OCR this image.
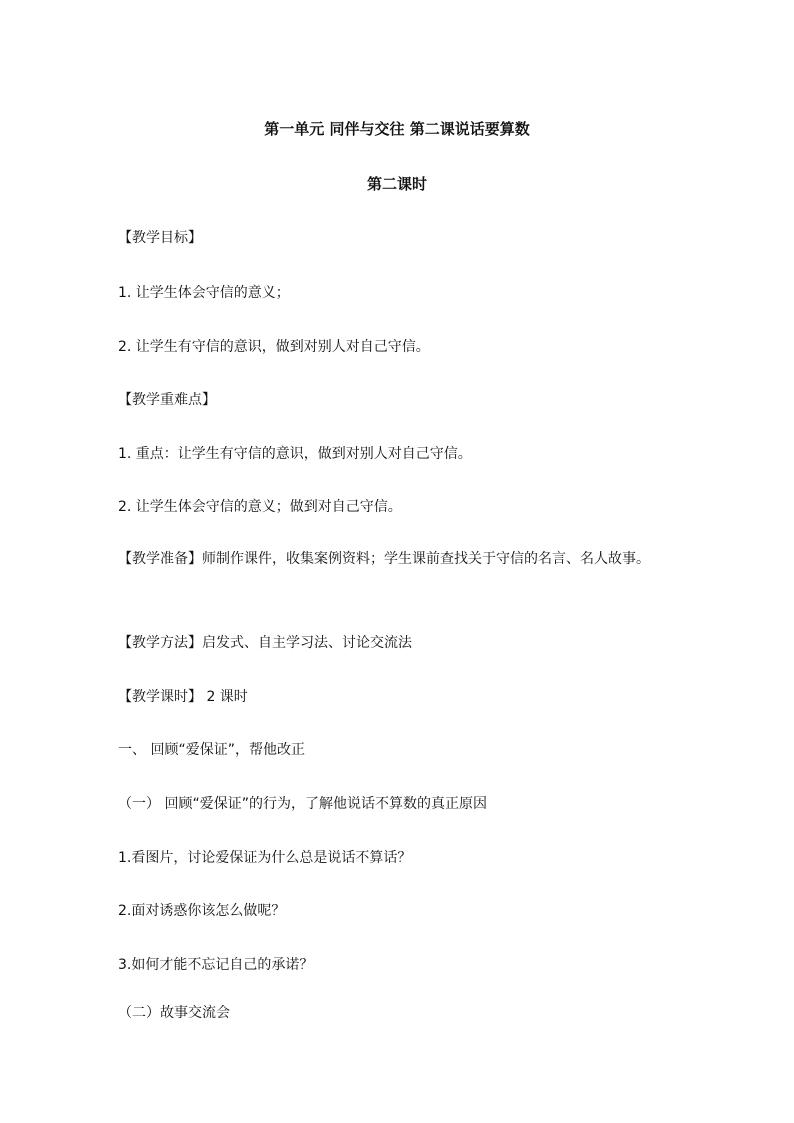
第一单元 同伴与交往 第二课说话要算数
第二课时
【教学目标】
1. 让学生体会守信的意义；
2. 让学生有守信的意识，做到对别人对自己守信。
【教学重难点】
1. 重点：让学生有守信的意识，做到对别人对自己守信。
2. 让学生体会守信的意义；做到对自己守信。
【教学准备】师制作课件，收集案例资料；学生课前查找关于守信的名言、名人故事。
【教学方法】启发式、自主学习法、讨论交流法
【教学课时】 2 课时
一、 回顾“爱保证”，帮他改正
（一） 回顾“爱保证”的行为，了解他说话不算数的真正原因
1.看图片，讨论爱保证为什么总是说话不算话？
2.面对诱惑你该怎么做呢？
3.如何才能不忘记自己的承诺？
（二）故事交流会
